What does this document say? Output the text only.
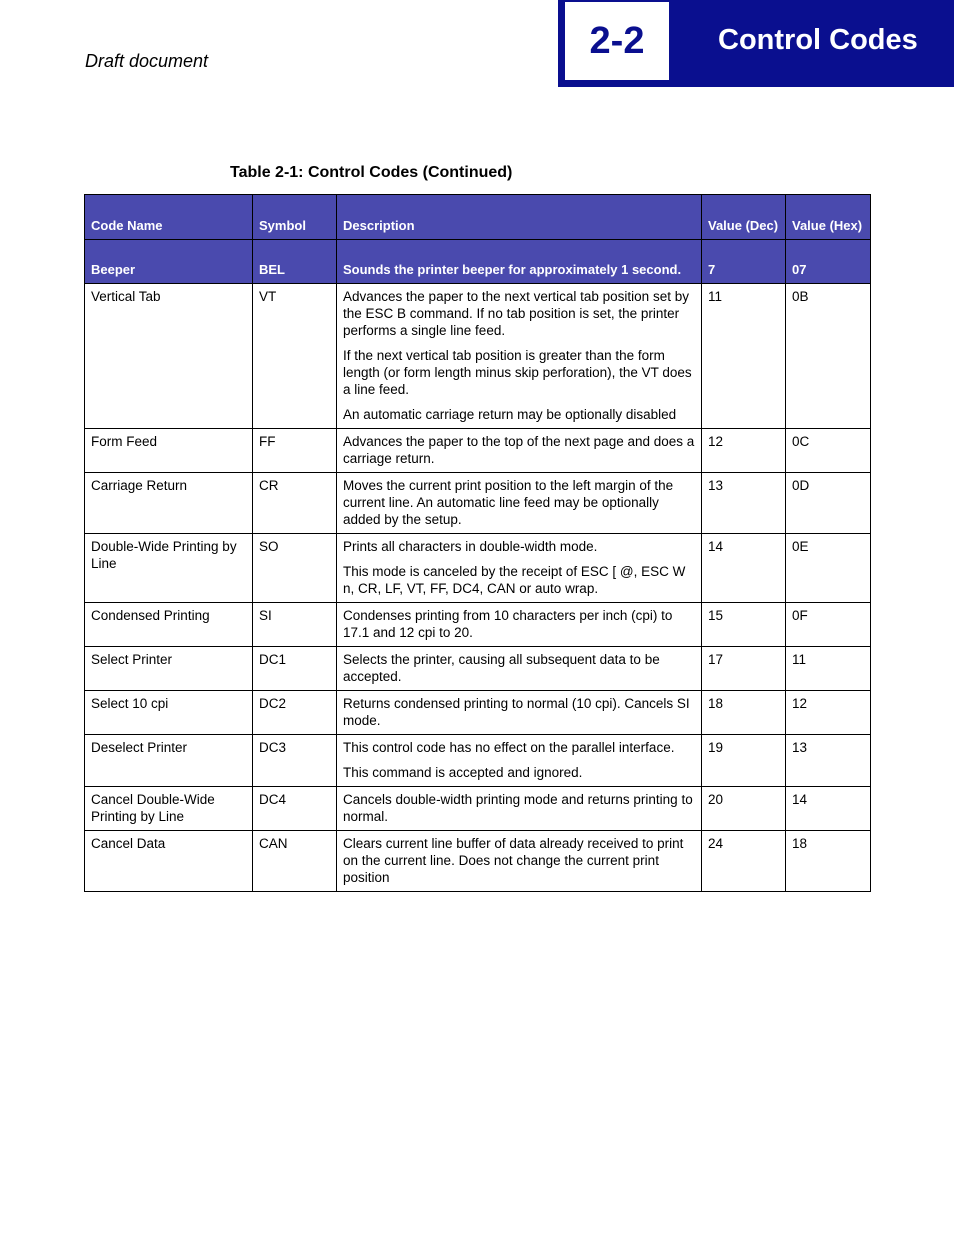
Draft document	2-2	Control Codes
Table 2-1: Control Codes (Continued)
Code Name	Symbol	Description	Value (Dec)	Value (Hex)
Beeper	BEL	Sounds the printer beeper for approximately 1 second.	7	07
Vertical Tab	VT	Advances the paper to the next vertical tab position set by the ESC B command. If no tab position is set, the printer performs a single line feed.

If the next vertical tab position is greater than the form length (or form length minus skip perforation), the VT does a line feed.

An automatic carriage return may be optionally disabled	11	0B
Form Feed	FF	Advances the paper to the top of the next page and does a carriage return.	12	0C
Carriage Return	CR	Moves the current print position to the left margin of the current line. An automatic line feed may be optionally added by the setup.	13	0D
Double-Wide Printing by Line	SO	Prints all characters in double-width mode.

This mode is canceled by the receipt of ESC [ @, ESC W n, CR, LF, VT, FF, DC4, CAN or auto wrap.	14	0E
Condensed Printing	SI	Condenses printing from 10 characters per inch (cpi) to 17.1 and 12 cpi to 20.	15	0F
Select Printer	DC1	Selects the printer, causing all subsequent data to be accepted.	17	11
Select 10 cpi	DC2	Returns condensed printing to normal (10 cpi). Cancels SI mode.	18	12
Deselect Printer	DC3	This control code has no effect on the parallel interface.

This command is accepted and ignored.	19	13
Cancel Double-Wide Printing by Line	DC4	Cancels double-width printing mode and returns printing to normal.	20	14
Cancel Data	CAN	Clears current line buffer of data already received to print on the current line. Does not change the current print position	24	18
